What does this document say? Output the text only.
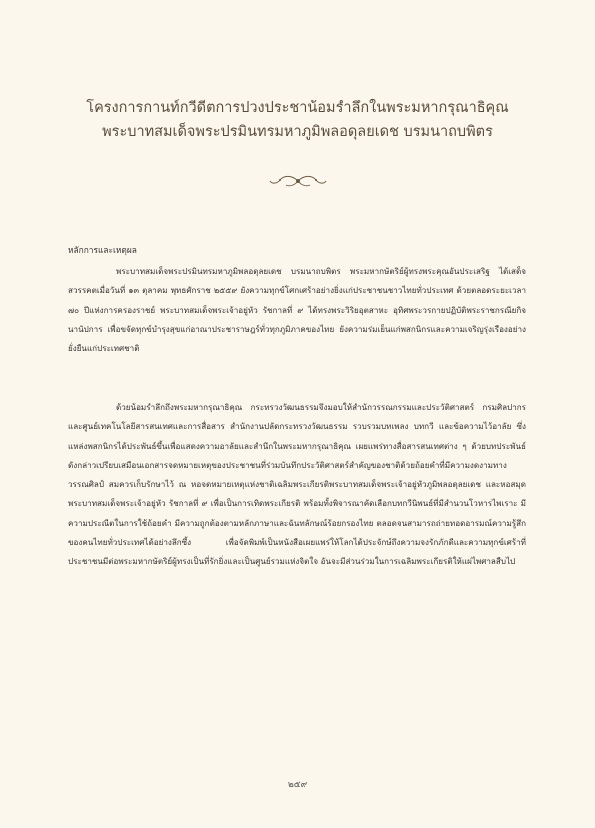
โครงการกานท์กวีดีตการปวงประชาน้อมรำลึกในพระมหากรุณาธิคุณ
พระบาทสมเด็จพระปรมินทรมหาภูมิพลอดุลยเดช บรมนาถบพิตร
หลักการและเหตุผล

พระบาทสมเด็จพระปรมินทรมหาภูมิพลอดุลยเดช บรมนาถบพิตร พระมหากษัตริย์ผู้ทรงพระคุณอันประเสริฐ ได้เสด็จสวรรคตเมื่อวันที่ ๑๓ ตุลาคม พุทธศักราช ๒๕๕๙ ยังความทุกข์โศกเศร้าอย่างยิ่งแก่ประชาชนชาวไทยทั่วประเทศ ด้วยตลอดระยะเวลา ๗๐ ปีแห่งการครองราชย์ พระบาทสมเด็จพระเจ้าอยู่หัว รัชกาลที่ ๙ ได้ทรงพระวิริยอุตสาหะ อุทิศพระวรกายปฏิบัติพระราชกรณียกิจนานัปการ เพื่อขจัดทุกข์บำรุงสุขแก่อาณาประชาราษฎร์ทั่วทุกภูมิภาคของไทย ยังความร่มเย็นแก่พสกนิกรและความเจริญรุ่งเรืองอย่างยั่งยืนแก่ประเทศชาติ

ด้วยน้อมรำลึกถึงพระมหากรุณาธิคุณ กระทรวงวัฒนธรรมจึงมอบให้สำนักวรรณกรรมและประวัติศาสตร์ กรมศิลปากร และศูนย์เทคโนโลยีสารสนเทศและการสื่อสาร สำนักงานปลัดกระทรวงวัฒนธรรม รวบรวมบทเพลง บทกวี และข้อความไว้อาลัย ซึ่งแหล่งพสกนิกรได้ประพันธ์ขึ้นเพื่อแสดงความอาลัยและสำนึกในพระมหากรุณาธิคุณ เผยแพร่ทางสื่อสารสนเทศต่าง ๆ ด้วยบทประพันธ์ดังกล่าวเปรียบเสมือนเอกสารจดหมายเหตุของประชาชนที่ร่วมบันทึกประวัติศาสตร์สำคัญของชาติด้วยถ้อยคำที่มีความงดงามทางวรรณศิลป์ สมควรเก็บรักษาไว้ ณ หอจดหมายเหตุแห่งชาติเฉลิมพระเกียรติพระบาทสมเด็จพระเจ้าอยู่หัวภูมิพลอดุลยเดช และหอสมุดพระบาทสมเด็จพระเจ้าอยู่หัว รัชกาลที่ ๙ เพื่อเป็นการเทิดพระเกียรติ พร้อมทั้งพิจารณาคัดเลือกบทกวีนิพนธ์ที่มีสำนวนโวหารไพเราะ มีความประณีตในการใช้ถ้อยคำ มีความถูกต้องตามหลักภาษาและฉันทลักษณ์ร้อยกรองไทย ตลอดจนสามารถถ่ายทอดอารมณ์ความรู้สึกของคนไทยทั่วประเทศได้อย่างลึกซึ้ง เพื่อจัดพิมพ์เป็นหนังสือเผยแพร่ให้โลกได้ประจักษ์ถึงความจงรักภักดีและความทุกข์เศร้าที่ประชาชนมีต่อพระมหากษัตริย์ผู้ทรงเป็นที่รักยิ่งและเป็นศูนย์รวมแห่งจิตใจ อันจะมีส่วนร่วมในการเฉลิมพระเกียรติให้แผ่ไพศาลสืบไป

๒๕๙
